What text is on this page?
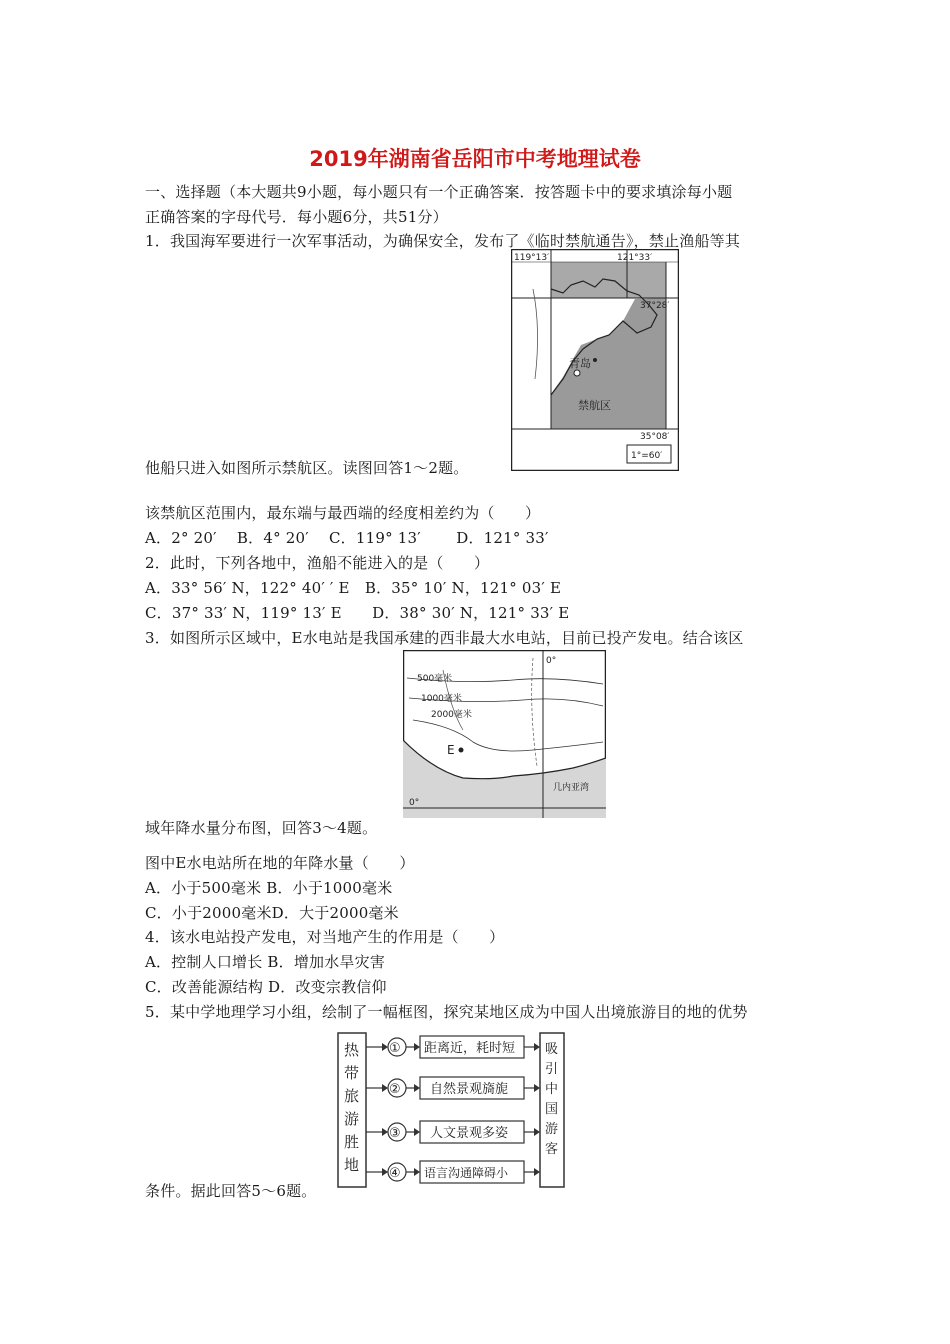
2019年湖南省岳阳市中考地理试卷
一、选择题（本大题共9小题，每小题只有一个正确答案．按答题卡中的要求填涂每小题
正确答案的字母代号．每小题6分，共51分）
1．我国海军要进行一次军事活动，为确保安全，发布了《临时禁航通告》，禁止渔船等其
119°13′	121°33′
37°28′
35°08′
青岛
禁航区
1°=60′
他船只进入如图所示禁航区。读图回答1～2题。
该禁航区范围内，最东端与最西端的经度相差约为（　　）
A．2° 20′　 B．4° 20′　 C．119° 13′　　 D．121° 33′
2．此时，下列各地中，渔船不能进入的是（　　）
A．33° 56′ N，122° 40′ ′ E　B．35° 10′ N，121° 03′ E
C．37° 33′ N，119° 13′ E　　D．38° 30′ N，121° 33′ E
3．如图所示区域中，E水电站是我国承建的西非最大水电站，目前已投产发电。结合该区
500毫米
1000毫米
2000毫米
E
0°
0°
几内亚湾
域年降水量分布图，回答3～4题。
图中E水电站所在地的年降水量（　　）
A．小于500毫米 B．小于1000毫米
C．小于2000毫米D．大于2000毫米
4．该水电站投产发电，对当地产生的作用是（　　）
A．控制人口增长 B．增加水旱灾害
C．改善能源结构 D．改变宗教信仰
5．某中学地理学习小组，绘制了一幅框图，探究某地区成为中国人出境旅游目的地的优势
热
带
旅
游
胜
地
① 距离近，耗时短
② 自然景观旖旎
③ 人文景观多姿
④ 语言沟通障碍小
吸
引
中
国
游
客
条件。据此回答5～6题。
